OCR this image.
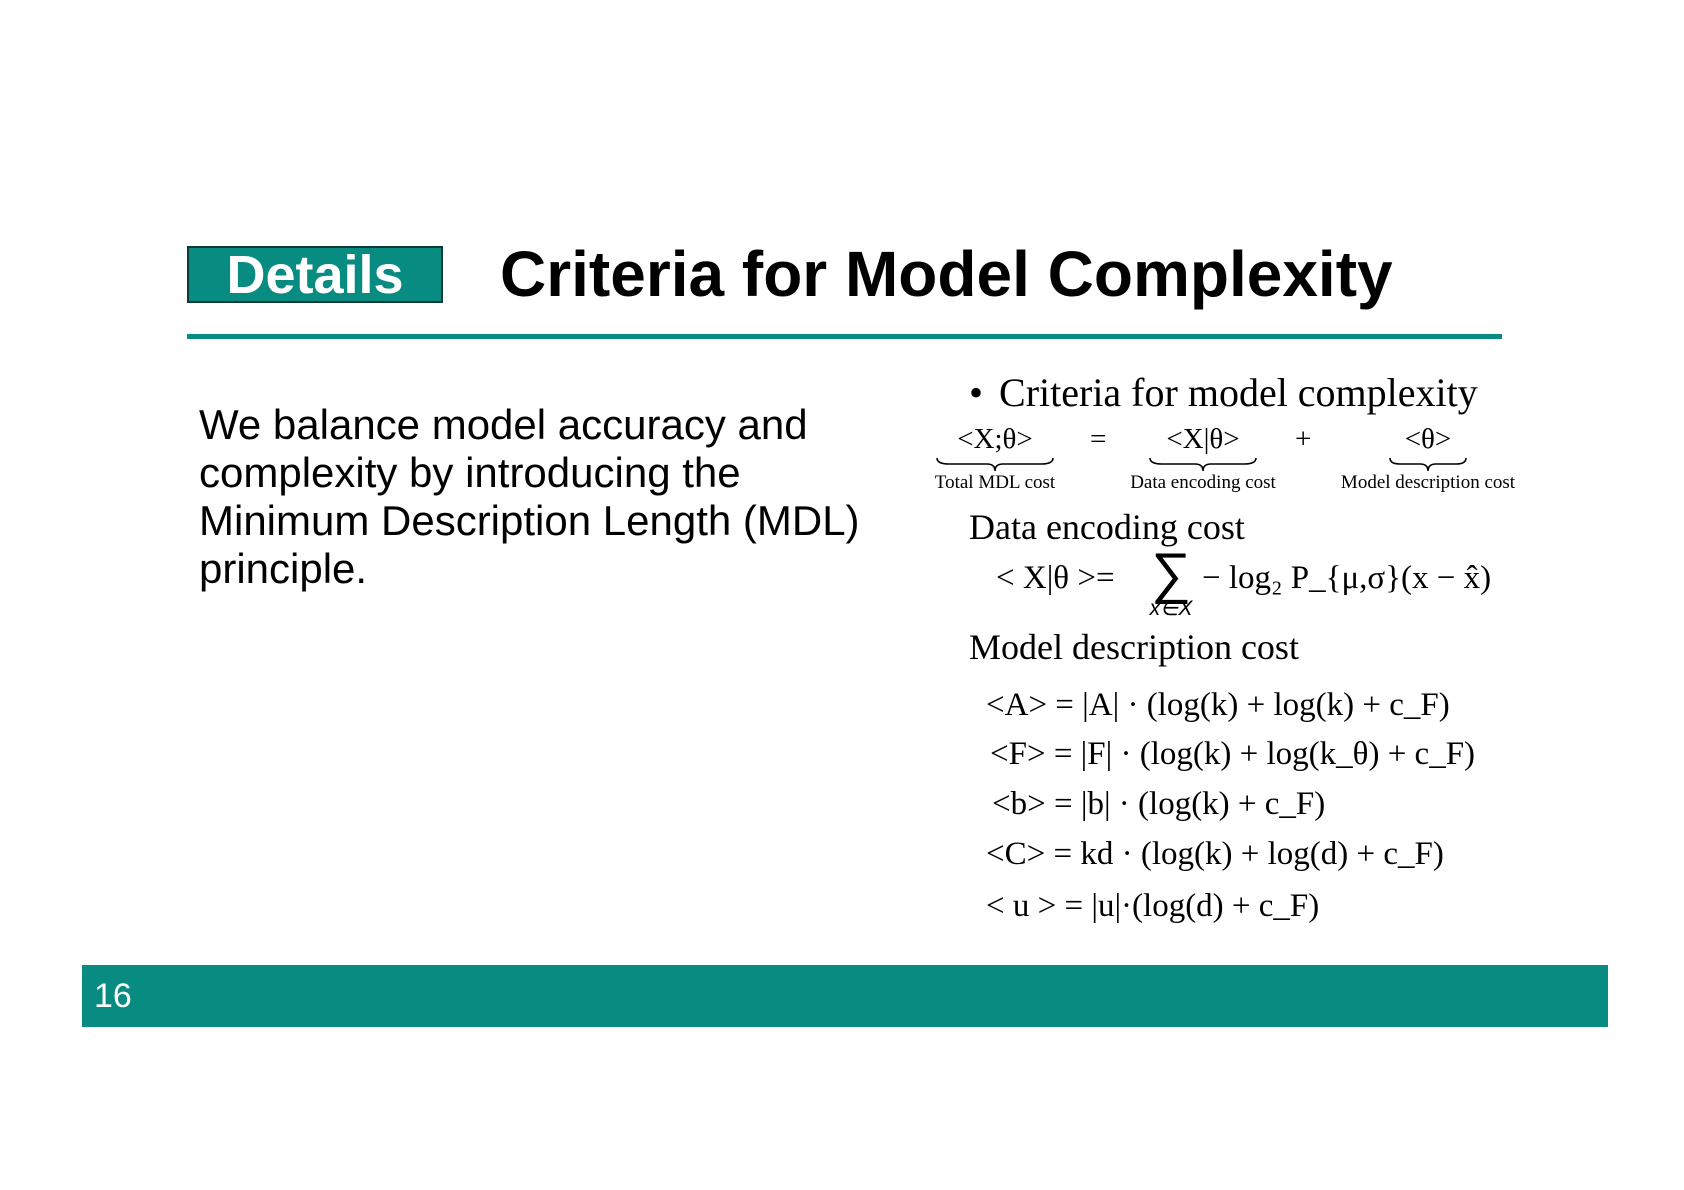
Details Criteria for Model Complexity
We balance model accuracy and complexity by introducing the Minimum Description Length (MDL) principle.
• Criteria for model complexity
<X;θ>
Total MDL cost
=	<X|θ>
Data encoding cost
+	<θ>
Model description cost
Data encoding cost
< X|θ >= ∑
x∈X
− log₂ P_{μ,σ}(x − x̂)
Model description cost
<A> = |A| · (log(k) + log(k) + c_F)
<F> = |F| · (log(k) + log(k_θ) + c_F)
<b> = |b| · (log(k) + c_F)
<C> = kd · (log(k) + log(d) + c_F)
< u > = |u|·(log(d) + c_F)
16
